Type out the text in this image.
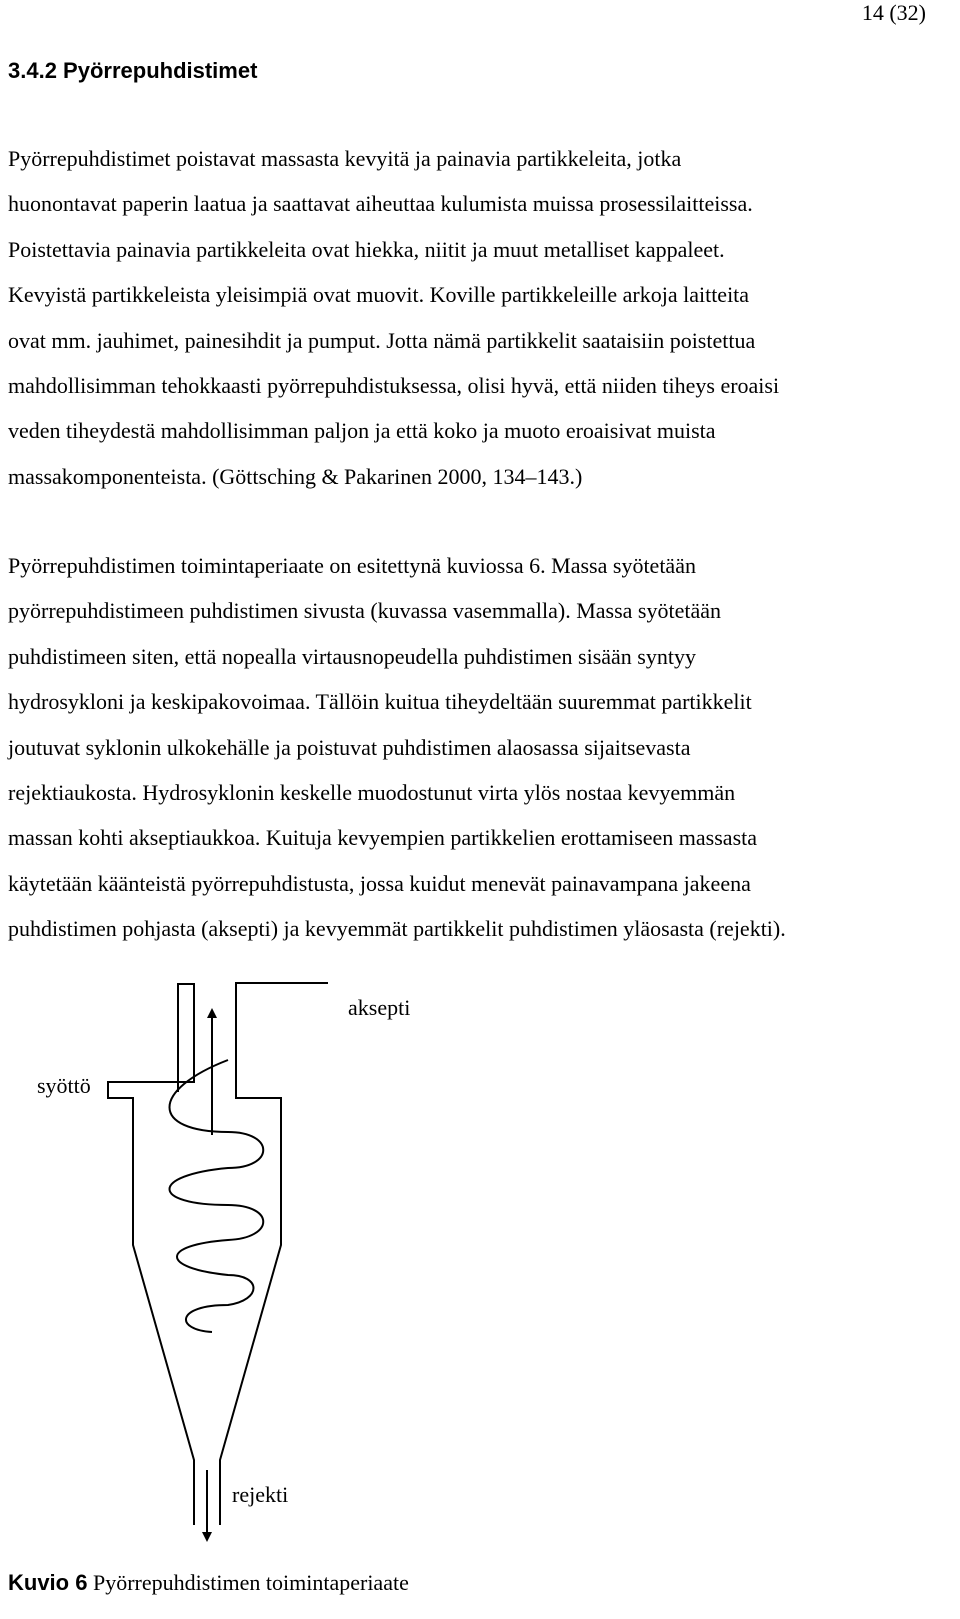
14 (32)
3.4.2 Pyörrepuhdistimet

Pyörrepuhdistimet poistavat massasta kevyitä ja painavia partikkeleita, jotka
huonontavat paperin laatua ja saattavat aiheuttaa kulumista muissa prosessilaitteissa.
Poistettavia painavia partikkeleita ovat hiekka, niitit ja muut metalliset kappaleet.
Kevyistä partikkeleista yleisimpiä ovat muovit. Koville partikkeleille arkoja laitteita
ovat mm. jauhimet, painesihdit ja pumput. Jotta nämä partikkelit saataisiin poistettua
mahdollisimman tehokkaasti pyörrepuhdistuksessa, olisi hyvä, että niiden tiheys eroaisi
veden tiheydestä mahdollisimman paljon ja että koko ja muoto eroaisivat muista
massakomponenteista. (Göttsching & Pakarinen 2000, 134–143.)

Pyörrepuhdistimen toimintaperiaate on esitettynä kuviossa 6. Massa syötetään
pyörrepuhdistimeen puhdistimen sivusta (kuvassa vasemmalla). Massa syötetään
puhdistimeen siten, että nopealla virtausnopeudella puhdistimen sisään syntyy
hydrosykloni ja keskipakovoimaa. Tällöin kuitua tiheydeltään suuremmat partikkelit
joutuvat syklonin ulkokehälle ja poistuvat puhdistimen alaosassa sijaitsevasta
rejektiaukosta. Hydrosyklonin keskelle muodostunut virta ylös nostaa kevyemmän
massan kohti akseptiaukkoa. Kuituja kevyempien partikkelien erottamiseen massasta
käytetään käänteistä pyörrepuhdistusta, jossa kuidut menevät painavampana jakeena
puhdistimen pohjasta (aksepti) ja kevyemmät partikkelit puhdistimen yläosasta (rejekti).

aksepti
syöttö
rejekti

Kuvio 6 Pyörrepuhdistimen toimintaperiaate
